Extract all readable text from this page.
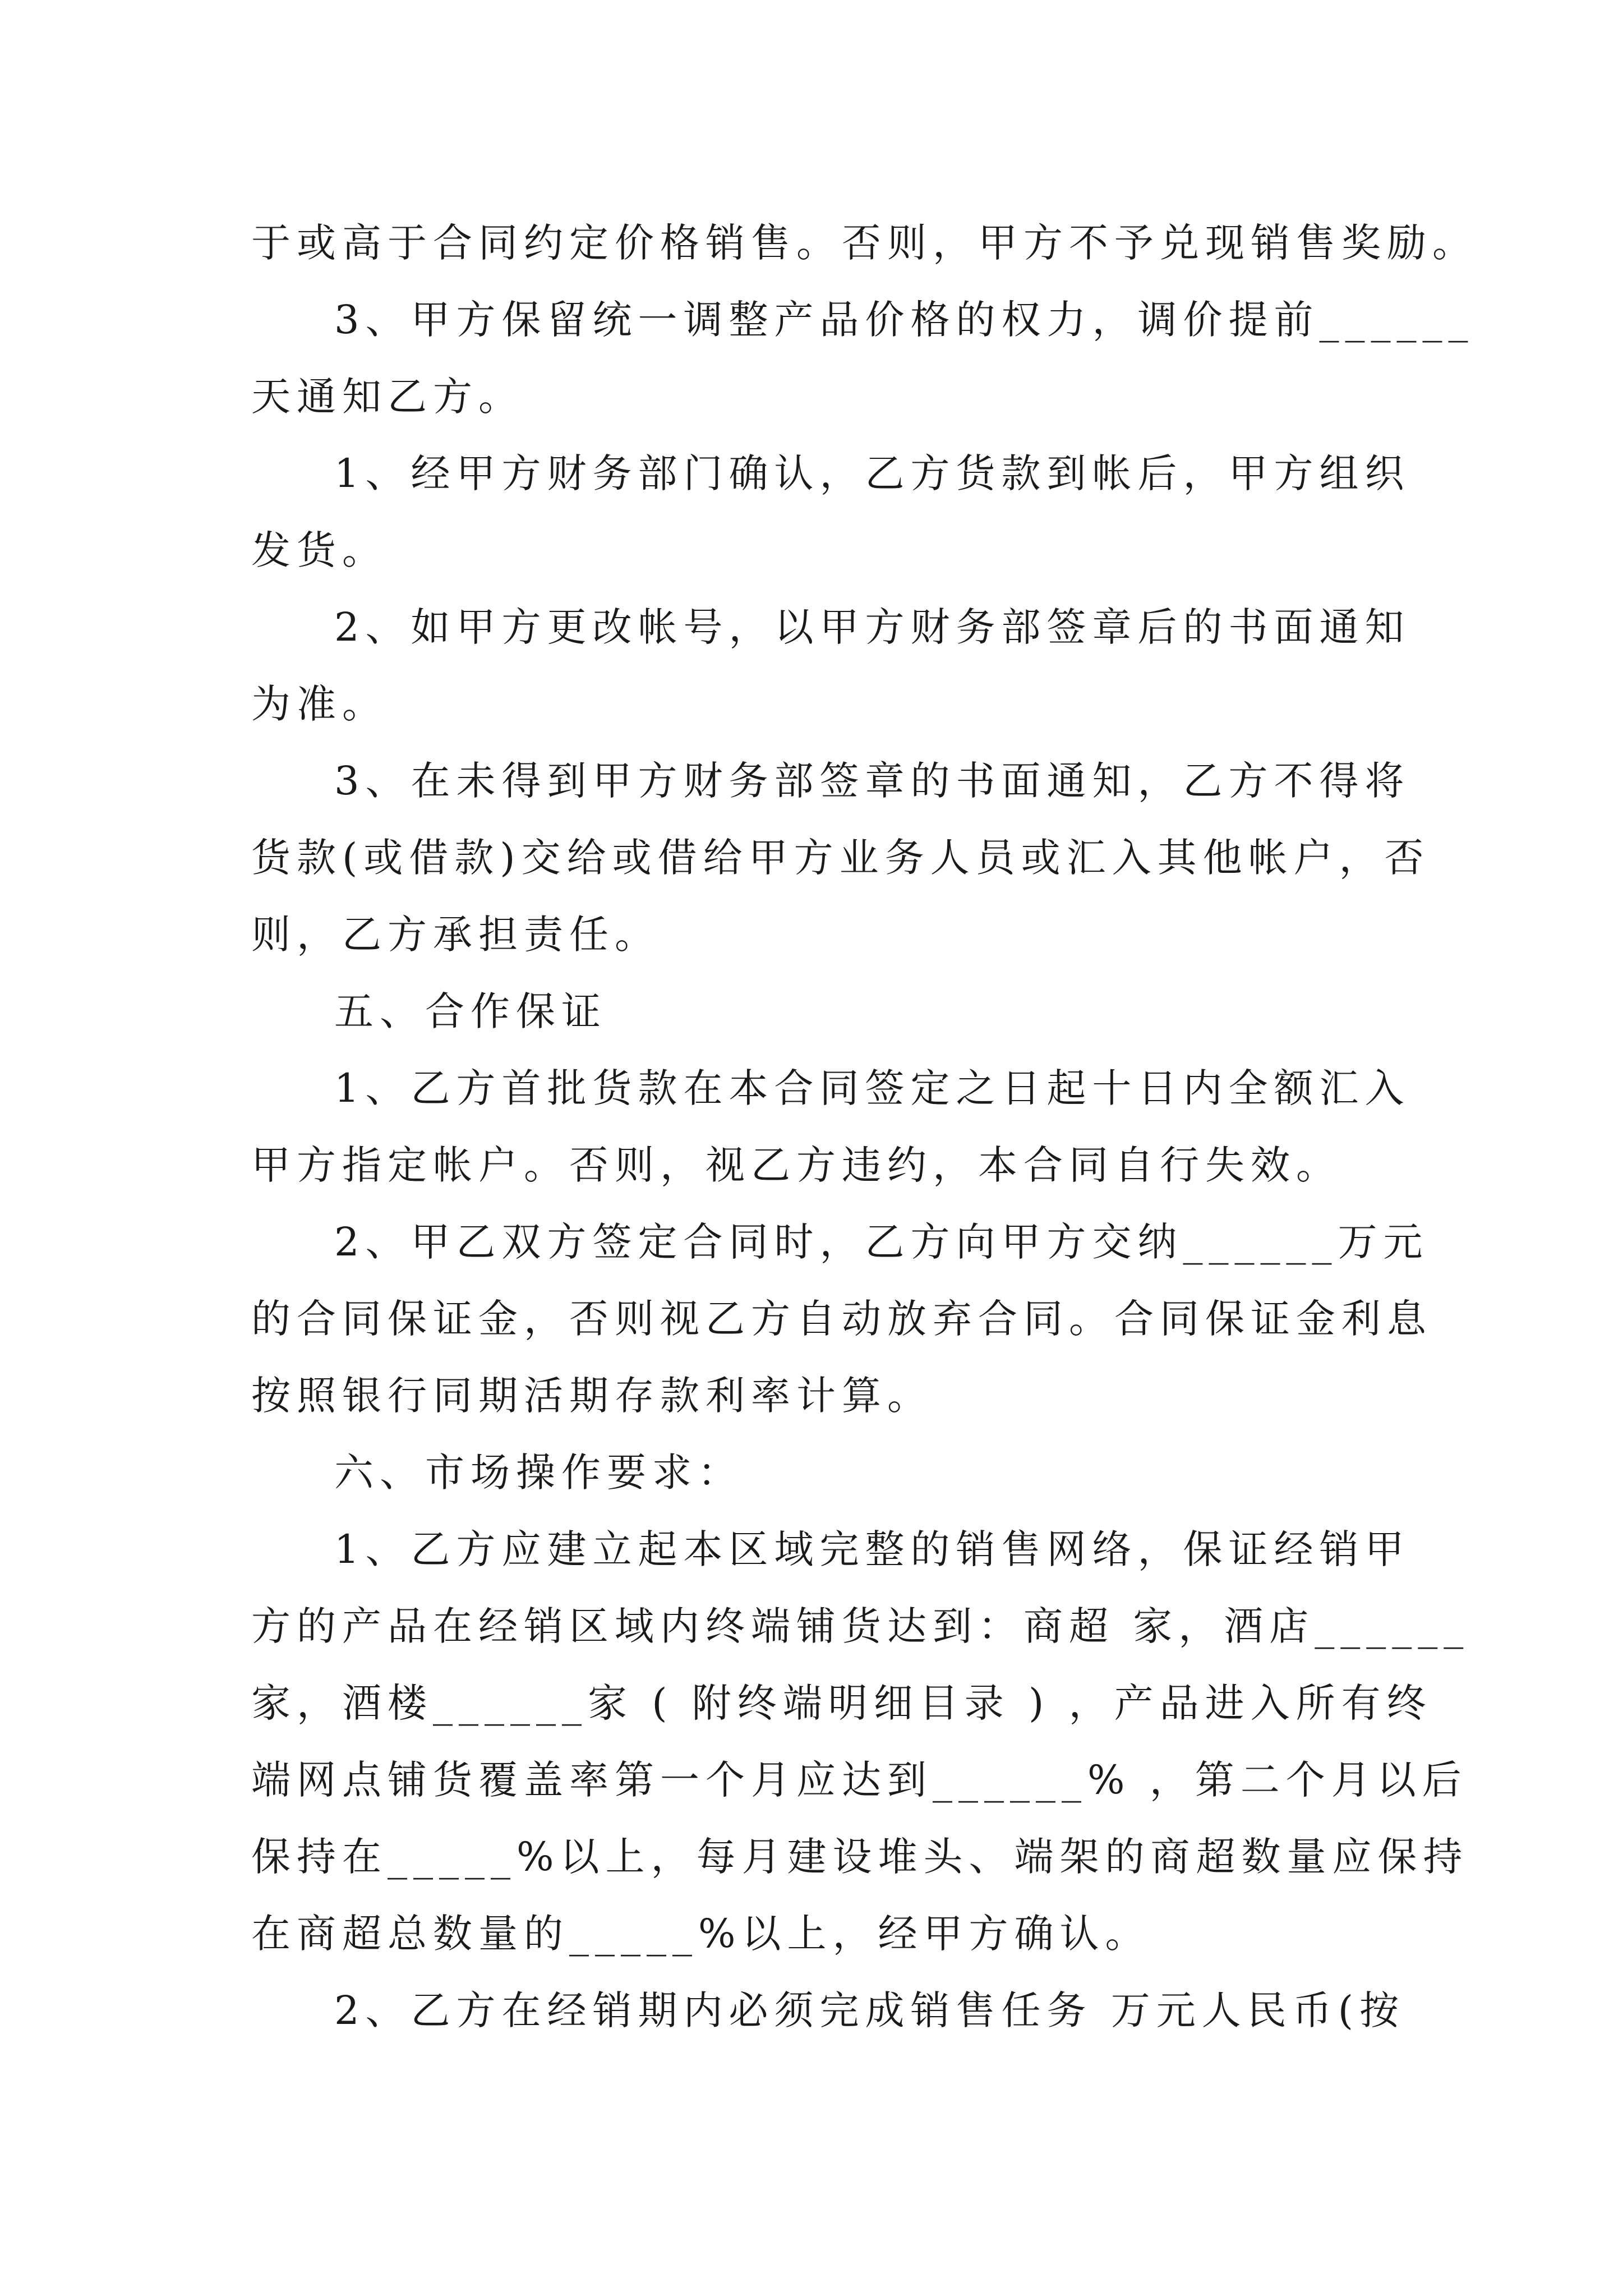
于或高于合同约定价格销售。否则，甲方不予兑现销售奖励。
3、甲方保留统一调整产品价格的权力，调价提前______
天通知乙方。
1、经甲方财务部门确认，乙方货款到帐后，甲方组织
发货。
2、如甲方更改帐号，以甲方财务部签章后的书面通知
为准。
3、在未得到甲方财务部签章的书面通知，乙方不得将
货款(或借款)交给或借给甲方业务人员或汇入其他帐户，否
则，乙方承担责任。
五、合作保证
1、乙方首批货款在本合同签定之日起十日内全额汇入
甲方指定帐户。否则，视乙方违约，本合同自行失效。
2、甲乙双方签定合同时，乙方向甲方交纳______万元
的合同保证金，否则视乙方自动放弃合同。合同保证金利息
按照银行同期活期存款利率计算。
六、市场操作要求：
1、乙方应建立起本区域完整的销售网络，保证经销甲
方的产品在经销区域内终端铺货达到：商超 家，酒店______
家，酒楼______家 ( 附终端明细目录 ) ，产品进入所有终
端网点铺货覆盖率第一个月应达到______% ，第二个月以后
保持在_____%以上，每月建设堆头、端架的商超数量应保持
在商超总数量的_____%以上，经甲方确认。
2、乙方在经销期内必须完成销售任务 万元人民币(按
